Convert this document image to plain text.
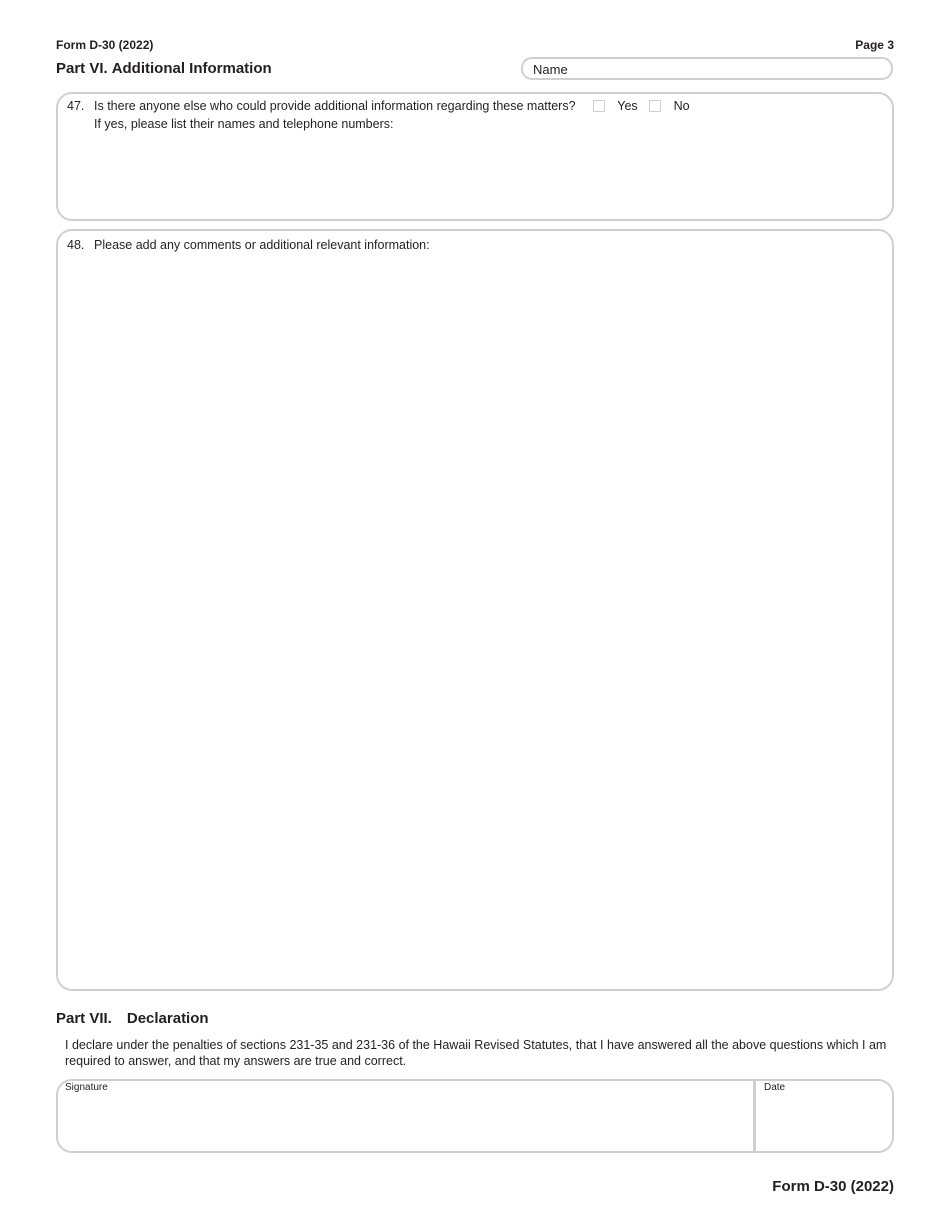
Form D-30 (2022)	Page 3
Part VI. Additional Information	Name
47. Is there anyone else who could provide additional information regarding these matters?	Yes	No
If yes, please list their names and telephone numbers:
48. Please add any comments or additional relevant information:
Part VII. Declaration
I declare under the penalties of sections 231-35 and 231-36 of the Hawaii Revised Statutes, that I have answered all the above questions which I am required to answer, and that my answers are true and correct.
Signature	Date
Form D-30 (2022)
